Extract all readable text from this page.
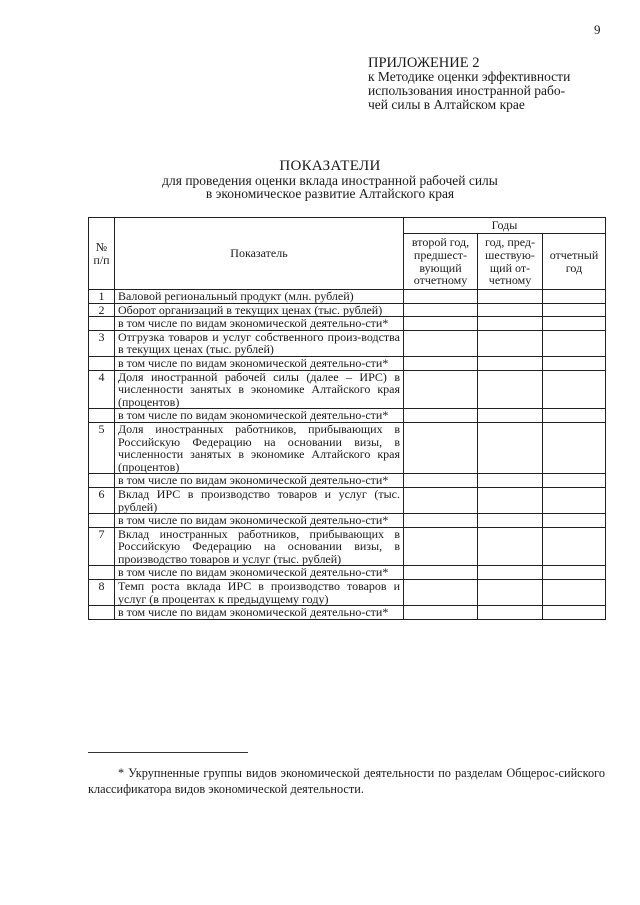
9
ПРИЛОЖЕНИЕ 2
к Методике оценки эффективности
использования иностранной рабо-
чей силы в Алтайском крае
ПОКАЗАТЕЛИ
для проведения оценки вклада иностранной рабочей силы
в экономическое развитие Алтайского края
№ п/п	Показатель	Годы		
		второй год, предшест-вующий отчетному	год, пред-шествую-щий от-четному	отчетный год
1	Валовой региональный продукт (млн. рублей)			
2	Оборот организаций в текущих ценах (тыс. рублей)			
	в том числе по видам экономической деятельно-сти*			
3	Отгрузка товаров и услуг собственного произ-водства в текущих ценах (тыс. рублей)			
	в том числе по видам экономической деятельно-сти*			
4	Доля иностранной рабочей силы (далее – ИРС) в численности занятых в экономике Алтайского края (процентов)			
	в том числе по видам экономической деятельно-сти*			
5	Доля иностранных работников, прибывающих в Российскую Федерацию на основании визы, в численности занятых в экономике Алтайского края (процентов)			
	в том числе по видам экономической деятельно-сти*			
6	Вклад ИРС в производство товаров и услуг (тыс. рублей)			
	в том числе по видам экономической деятельно-сти*			
7	Вклад иностранных работников, прибывающих в Российскую Федерацию на основании визы, в производство товаров и услуг (тыс. рублей)			
	в том числе по видам экономической деятельно-сти*			
8	Темп роста вклада ИРС в производство товаров и услуг (в процентах к предыдущему году)			
	в том числе по видам экономической деятельно-сти*			
* Укрупненные группы видов экономической деятельности по разделам Общерос-сийского классификатора видов экономической деятельности.
